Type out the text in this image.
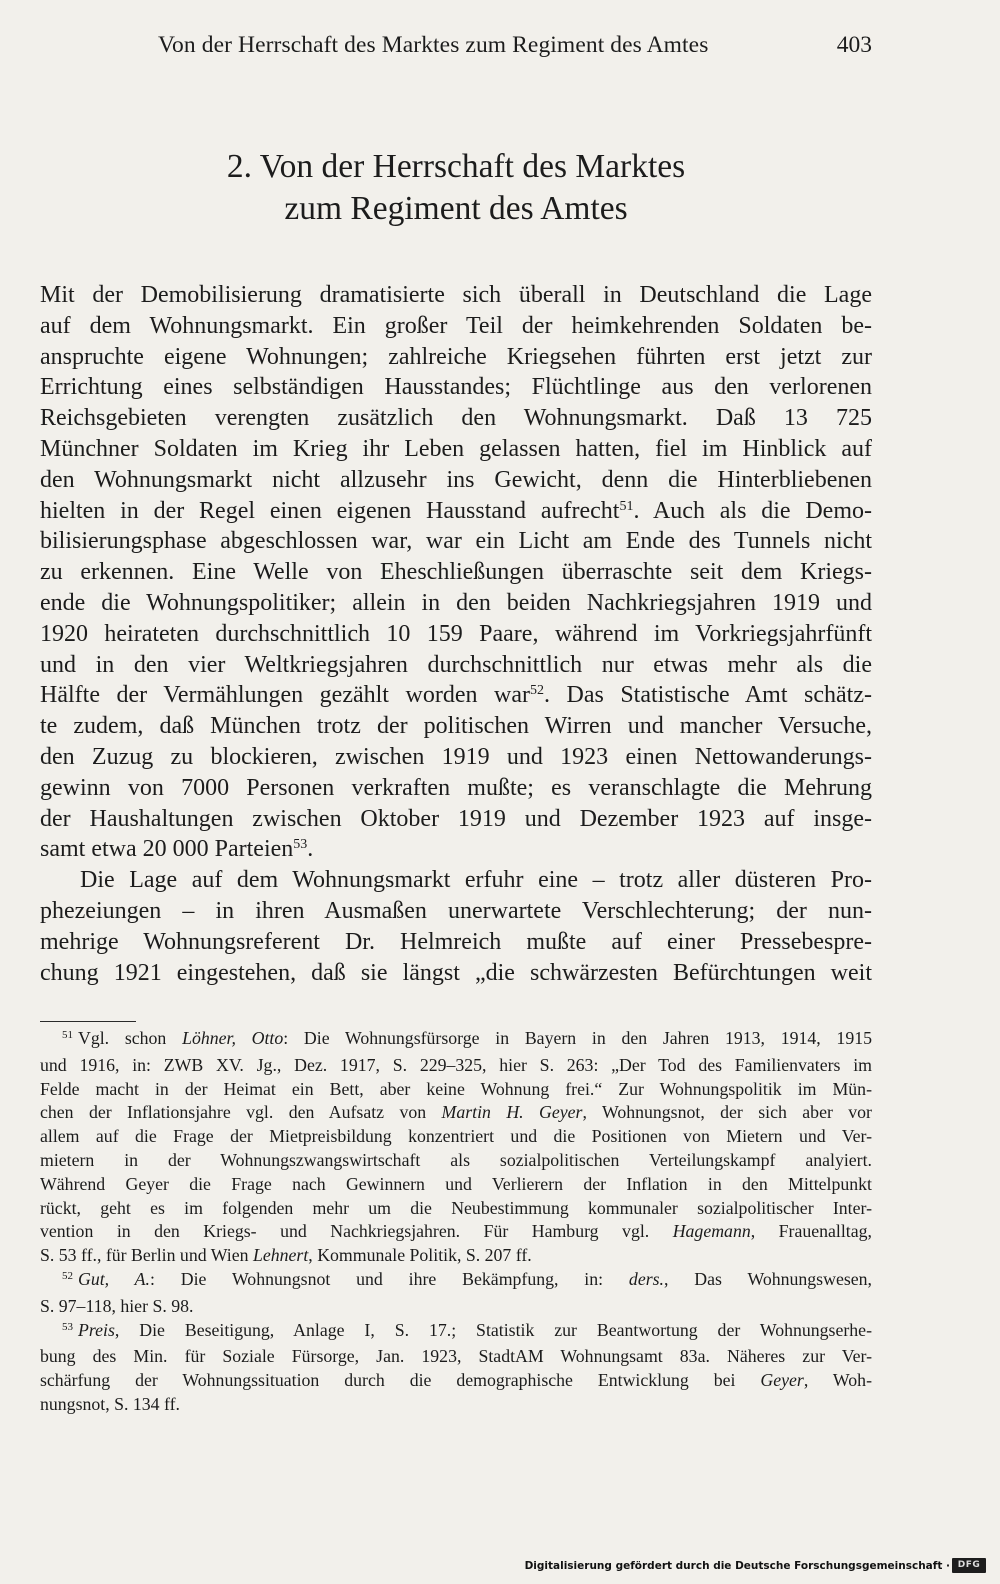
Von der Herrschaft des Marktes zum Regiment des Amtes	403
2. Von der Herrschaft des Marktes
zum Regiment des Amtes

Mit der Demobilisierung dramatisierte sich überall in Deutschland die Lage
auf dem Wohnungsmarkt. Ein großer Teil der heimkehrenden Soldaten be-
anspruchte eigene Wohnungen; zahlreiche Kriegsehen führten erst jetzt zur
Errichtung eines selbständigen Hausstandes; Flüchtlinge aus den verlorenen
Reichsgebieten verengten zusätzlich den Wohnungsmarkt. Daß 13 725
Münchner Soldaten im Krieg ihr Leben gelassen hatten, fiel im Hinblick auf
den Wohnungsmarkt nicht allzusehr ins Gewicht, denn die Hinterbliebenen
hielten in der Regel einen eigenen Hausstand aufrecht$^{51}$. Auch als die Demo-
bilisierungsphase abgeschlossen war, war ein Licht am Ende des Tunnels nicht
zu erkennen. Eine Welle von Eheschließungen überraschte seit dem Kriegs-
ende die Wohnungspolitiker; allein in den beiden Nachkriegsjahren 1919 und
1920 heirateten durchschnittlich 10 159 Paare, während im Vorkriegsjahrfünft
und in den vier Weltkriegsjahren durchschnittlich nur etwas mehr als die
Hälfte der Vermählungen gezählt worden war$^{52}$. Das Statistische Amt schätz-
te zudem, daß München trotz der politischen Wirren und mancher Versuche,
den Zuzug zu blockieren, zwischen 1919 und 1923 einen Nettowanderungs-
gewinn von 7000 Personen verkraften mußte; es veranschlagte die Mehrung
der Haushaltungen zwischen Oktober 1919 und Dezember 1923 auf insge-
samt etwa 20 000 Parteien$^{53}$.

Die Lage auf dem Wohnungsmarkt erfuhr eine – trotz aller düsteren Pro-
phezeiungen – in ihren Ausmaßen unerwartete Verschlechterung; der nun-
mehrige Wohnungsreferent Dr. Helmreich mußte auf einer Pressebespre-
chung 1921 eingestehen, daß sie längst „die schwärzesten Befürchtungen weit

$^{51}$ Vgl. schon Löhner, Otto: Die Wohnungsfürsorge in Bayern in den Jahren 1913, 1914, 1915
und 1916, in: ZWB XV. Jg., Dez. 1917, S. 229–325, hier S. 263: „Der Tod des Familienvaters im
Felde macht in der Heimat ein Bett, aber keine Wohnung frei.“ Zur Wohnungspolitik im Mün-
chen der Inflationsjahre vgl. den Aufsatz von Martin H. Geyer, Wohnungsnot, der sich aber vor
allem auf die Frage der Mietpreisbildung konzentriert und die Positionen von Mietern und Ver-
mietern in der Wohnungszwangswirtschaft als sozialpolitischen Verteilungskampf analyiert.
Während Geyer die Frage nach Gewinnern und Verlierern der Inflation in den Mittelpunkt
rückt, geht es im folgenden mehr um die Neubestimmung kommunaler sozialpolitischer Inter-
vention in den Kriegs- und Nachkriegsjahren. Für Hamburg vgl. Hagemann, Frauenalltag,
S. 53 ff., für Berlin und Wien Lehnert, Kommunale Politik, S. 207 ff.

$^{52}$ Gut, A.: Die Wohnungsnot und ihre Bekämpfung, in: ders., Das Wohnungswesen,
S. 97–118, hier S. 98.

$^{53}$ Preis, Die Beseitigung, Anlage I, S. 17.; Statistik zur Beantwortung der Wohnungserhe-
bung des Min. für Soziale Fürsorge, Jan. 1923, StadtAM Wohnungsamt 83a. Näheres zur Ver-
schärfung der Wohnungssituation durch die demographische Entwicklung bei Geyer, Woh-
nungsnot, S. 134 ff.

Digitalisierung gefördert durch die Deutsche Forschungsgemeinschaft · DFG
